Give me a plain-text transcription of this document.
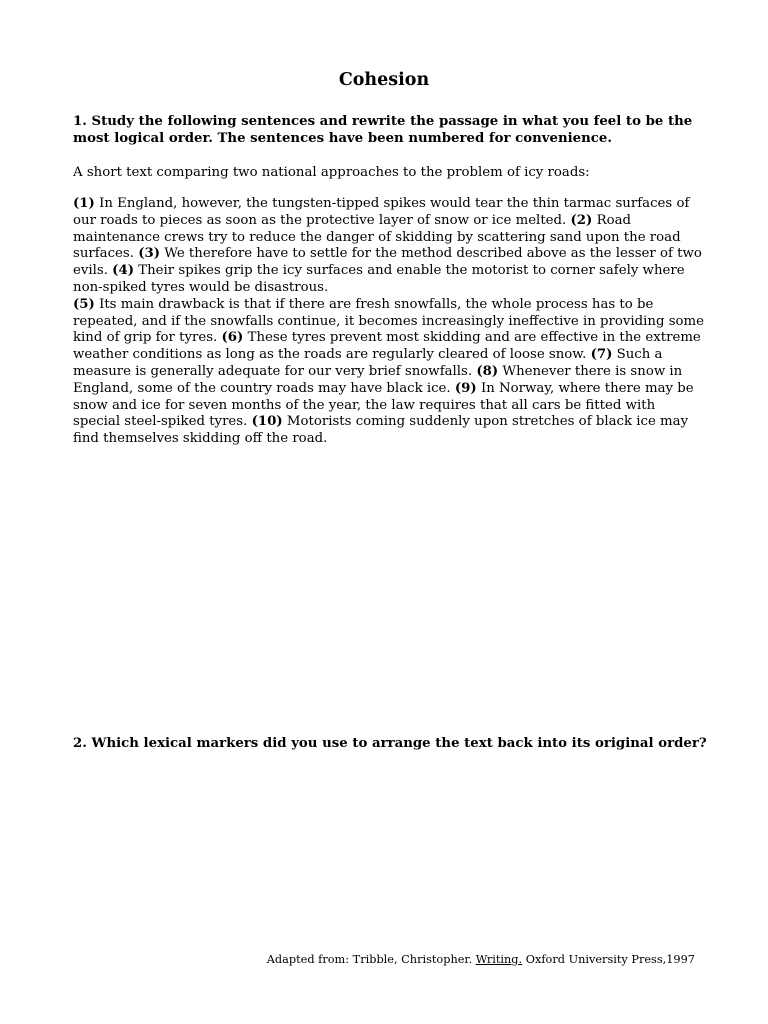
Cohesion

1. Study the following sentences and rewrite the passage in what you feel to be the most logical order. The sentences have been numbered for convenience.

A short text comparing two national approaches to the problem of icy roads:

(1) In England, however, the tungsten-tipped spikes would tear the thin tarmac surfaces of our roads to pieces as soon as the protective layer of snow or ice melted. (2) Road maintenance crews try to reduce the danger of skidding by scattering sand upon the road surfaces. (3) We therefore have to settle for the method described above as the lesser of two evils. (4) Their spikes grip the icy surfaces and enable the motorist to corner safely where non-spiked tyres would be disastrous.
(5) Its main drawback is that if there are fresh snowfalls, the whole process has to be repeated, and if the snowfalls continue, it becomes increasingly ineffective in providing some kind of grip for tyres. (6) These tyres prevent most skidding and are effective in the extreme weather conditions as long as the roads are regularly cleared of loose snow. (7) Such a measure is generally adequate for our very brief snowfalls. (8) Whenever there is snow in England, some of the country roads may have black ice. (9) In Norway, where there may be snow and ice for seven months of the year, the law requires that all cars be fitted with special steel-spiked tyres. (10) Motorists coming suddenly upon stretches of black ice may find themselves skidding off the road.

2. Which lexical markers did you use to arrange the text back into its original order?

Adapted from: Tribble, Christopher. Writing. Oxford University Press,1997
